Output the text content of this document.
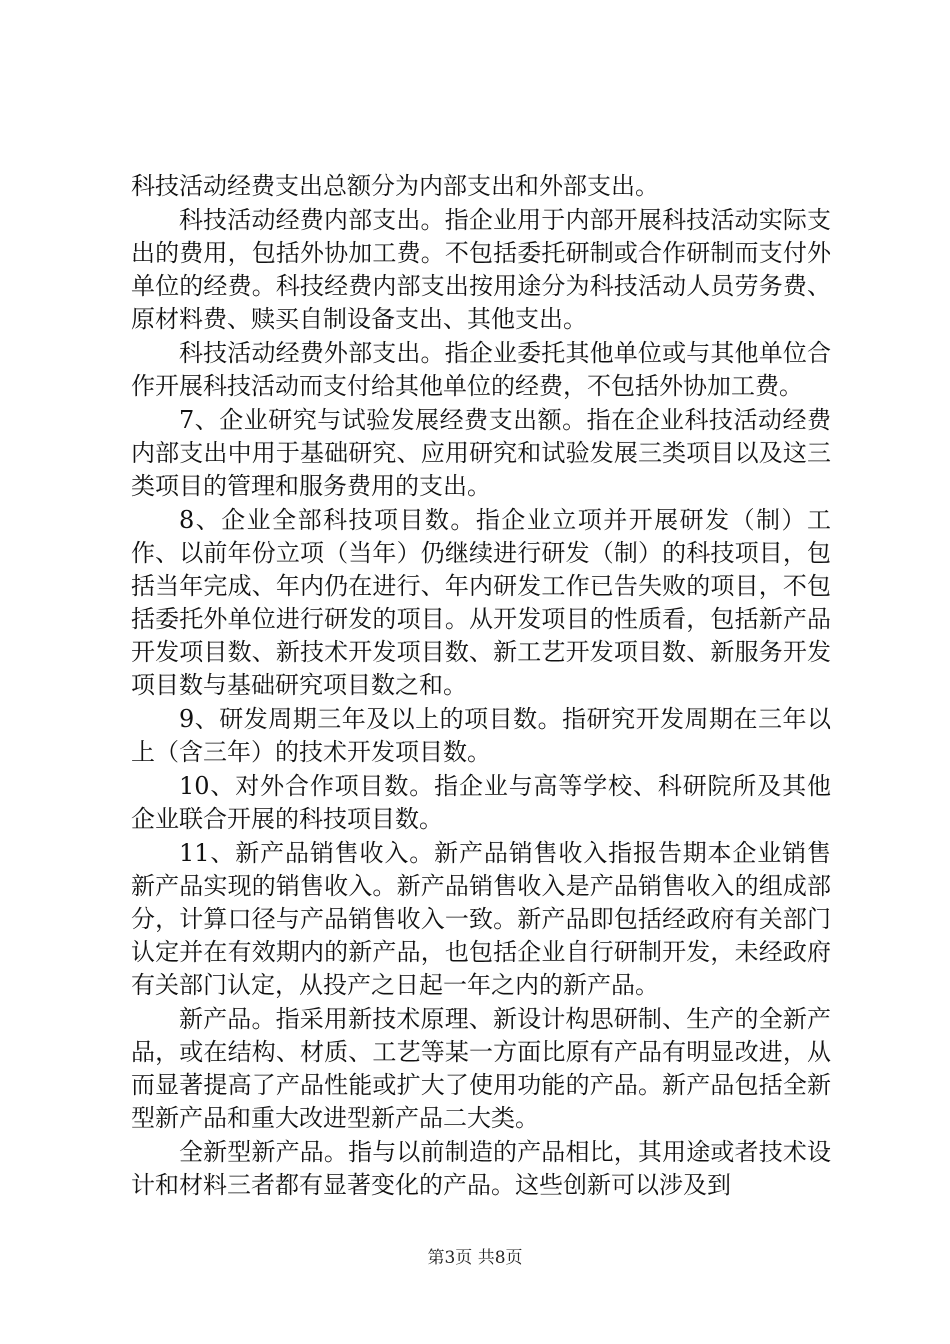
科技活动经费支出总额分为内部支出和外部支出。

科技活动经费内部支出。指企业用于内部开展科技活动实际支出的费用，包括外协加工费。不包括委托研制或合作研制而支付外单位的经费。科技经费内部支出按用途分为科技活动人员劳务费、原材料费、赎买自制设备支出、其他支出。

科技活动经费外部支出。指企业委托其他单位或与其他单位合作开展科技活动而支付给其他单位的经费，不包括外协加工费。

7、企业研究与试验发展经费支出额。指在企业科技活动经费内部支出中用于基础研究、应用研究和试验发展三类项目以及这三类项目的管理和服务费用的支出。

8、企业全部科技项目数。指企业立项并开展研发（制）工作、以前年份立项（当年）仍继续进行研发（制）的科技项目，包括当年完成、年内仍在进行、年内研发工作已告失败的项目，不包括委托外单位进行研发的项目。从开发项目的性质看，包括新产品开发项目数、新技术开发项目数、新工艺开发项目数、新服务开发项目数与基础研究项目数之和。

9、研发周期三年及以上的项目数。指研究开发周期在三年以上（含三年）的技术开发项目数。

10、对外合作项目数。指企业与高等学校、科研院所及其他企业联合开展的科技项目数。

11、新产品销售收入。新产品销售收入指报告期本企业销售新产品实现的销售收入。新产品销售收入是产品销售收入的组成部分，计算口径与产品销售收入一致。新产品即包括经政府有关部门认定并在有效期内的新产品，也包括企业自行研制开发，未经政府有关部门认定，从投产之日起一年之内的新产品。

新产品。指采用新技术原理、新设计构思研制、生产的全新产品，或在结构、材质、工艺等某一方面比原有产品有明显改进，从而显著提高了产品性能或扩大了使用功能的产品。新产品包括全新型新产品和重大改进型新产品二大类。

全新型新产品。指与以前制造的产品相比，其用途或者技术设计和材料三者都有显著变化的产品。这些创新可以涉及到

第3页 共8页
